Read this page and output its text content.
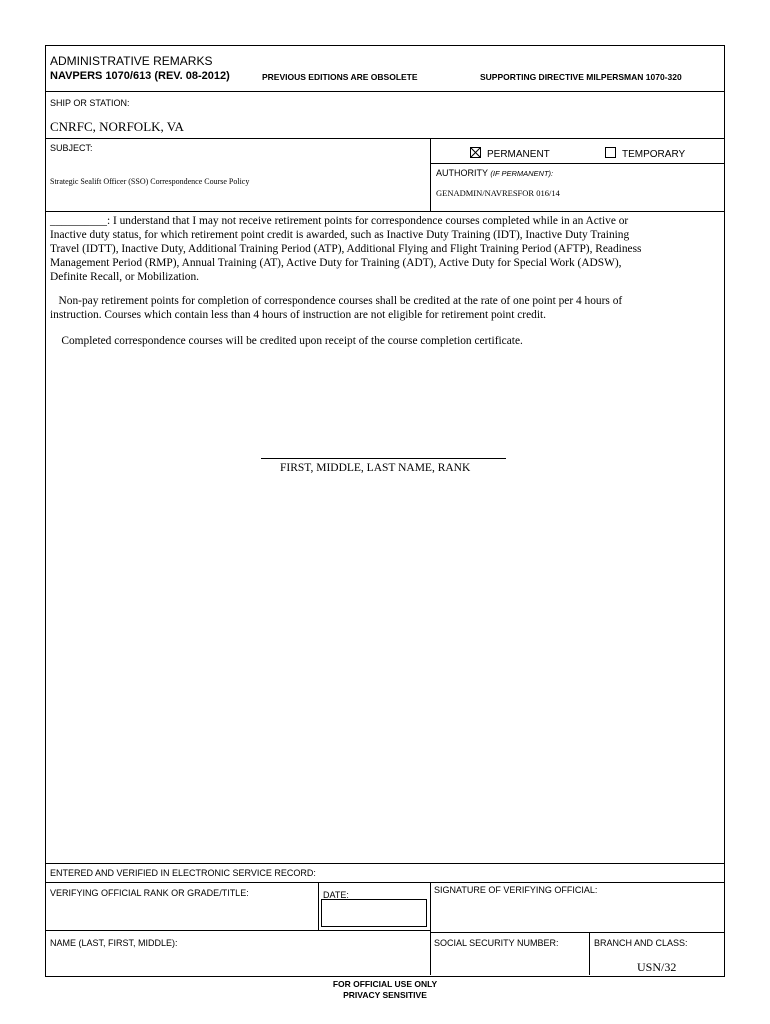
ADMINISTRATIVE REMARKS
NAVPERS 1070/613 (REV. 08-2012)	PREVIOUS EDITIONS ARE OBSOLETE	SUPPORTING DIRECTIVE MILPERSMAN 1070-320
SHIP OR STATION:
CNRFC, NORFOLK, VA
SUBJECT:
Strategic Sealift Officer (SSO) Correspondence Course Policy
PERMANENT	TEMPORARY
AUTHORITY (IF PERMANENT):
GENADMIN/NAVRESFOR 016/14

__________: I understand that I may not receive retirement points for correspondence courses completed while in an Active or

Inactive duty status, for which retirement point credit is awarded, such as Inactive Duty Training (IDT), Inactive Duty Training

Travel (IDTT), Inactive Duty, Additional Training Period (ATP), Additional Flying and Flight Training Period (AFTP), Readiness

Management Period (RMP), Annual Training (AT), Active Duty for Training (ADT), Active Duty for Special Work (ADSW),

Definite Recall, or Mobilization.

Non-pay retirement points for completion of correspondence courses shall be credited at the rate of one point per 4 hours of

instruction. Courses which contain less than 4 hours of instruction are not eligible for retirement point credit.

Completed correspondence courses will be credited upon receipt of the course completion certificate.

FIRST, MIDDLE, LAST NAME, RANK
ENTERED AND VERIFIED IN ELECTRONIC SERVICE RECORD:
VERIFYING OFFICIAL RANK OR GRADE/TITLE:	DATE:	SIGNATURE OF VERIFYING OFFICIAL:
NAME (LAST, FIRST, MIDDLE):	SOCIAL SECURITY NUMBER:	BRANCH AND CLASS:
USN/32
FOR OFFICIAL USE ONLY
PRIVACY SENSITIVE
